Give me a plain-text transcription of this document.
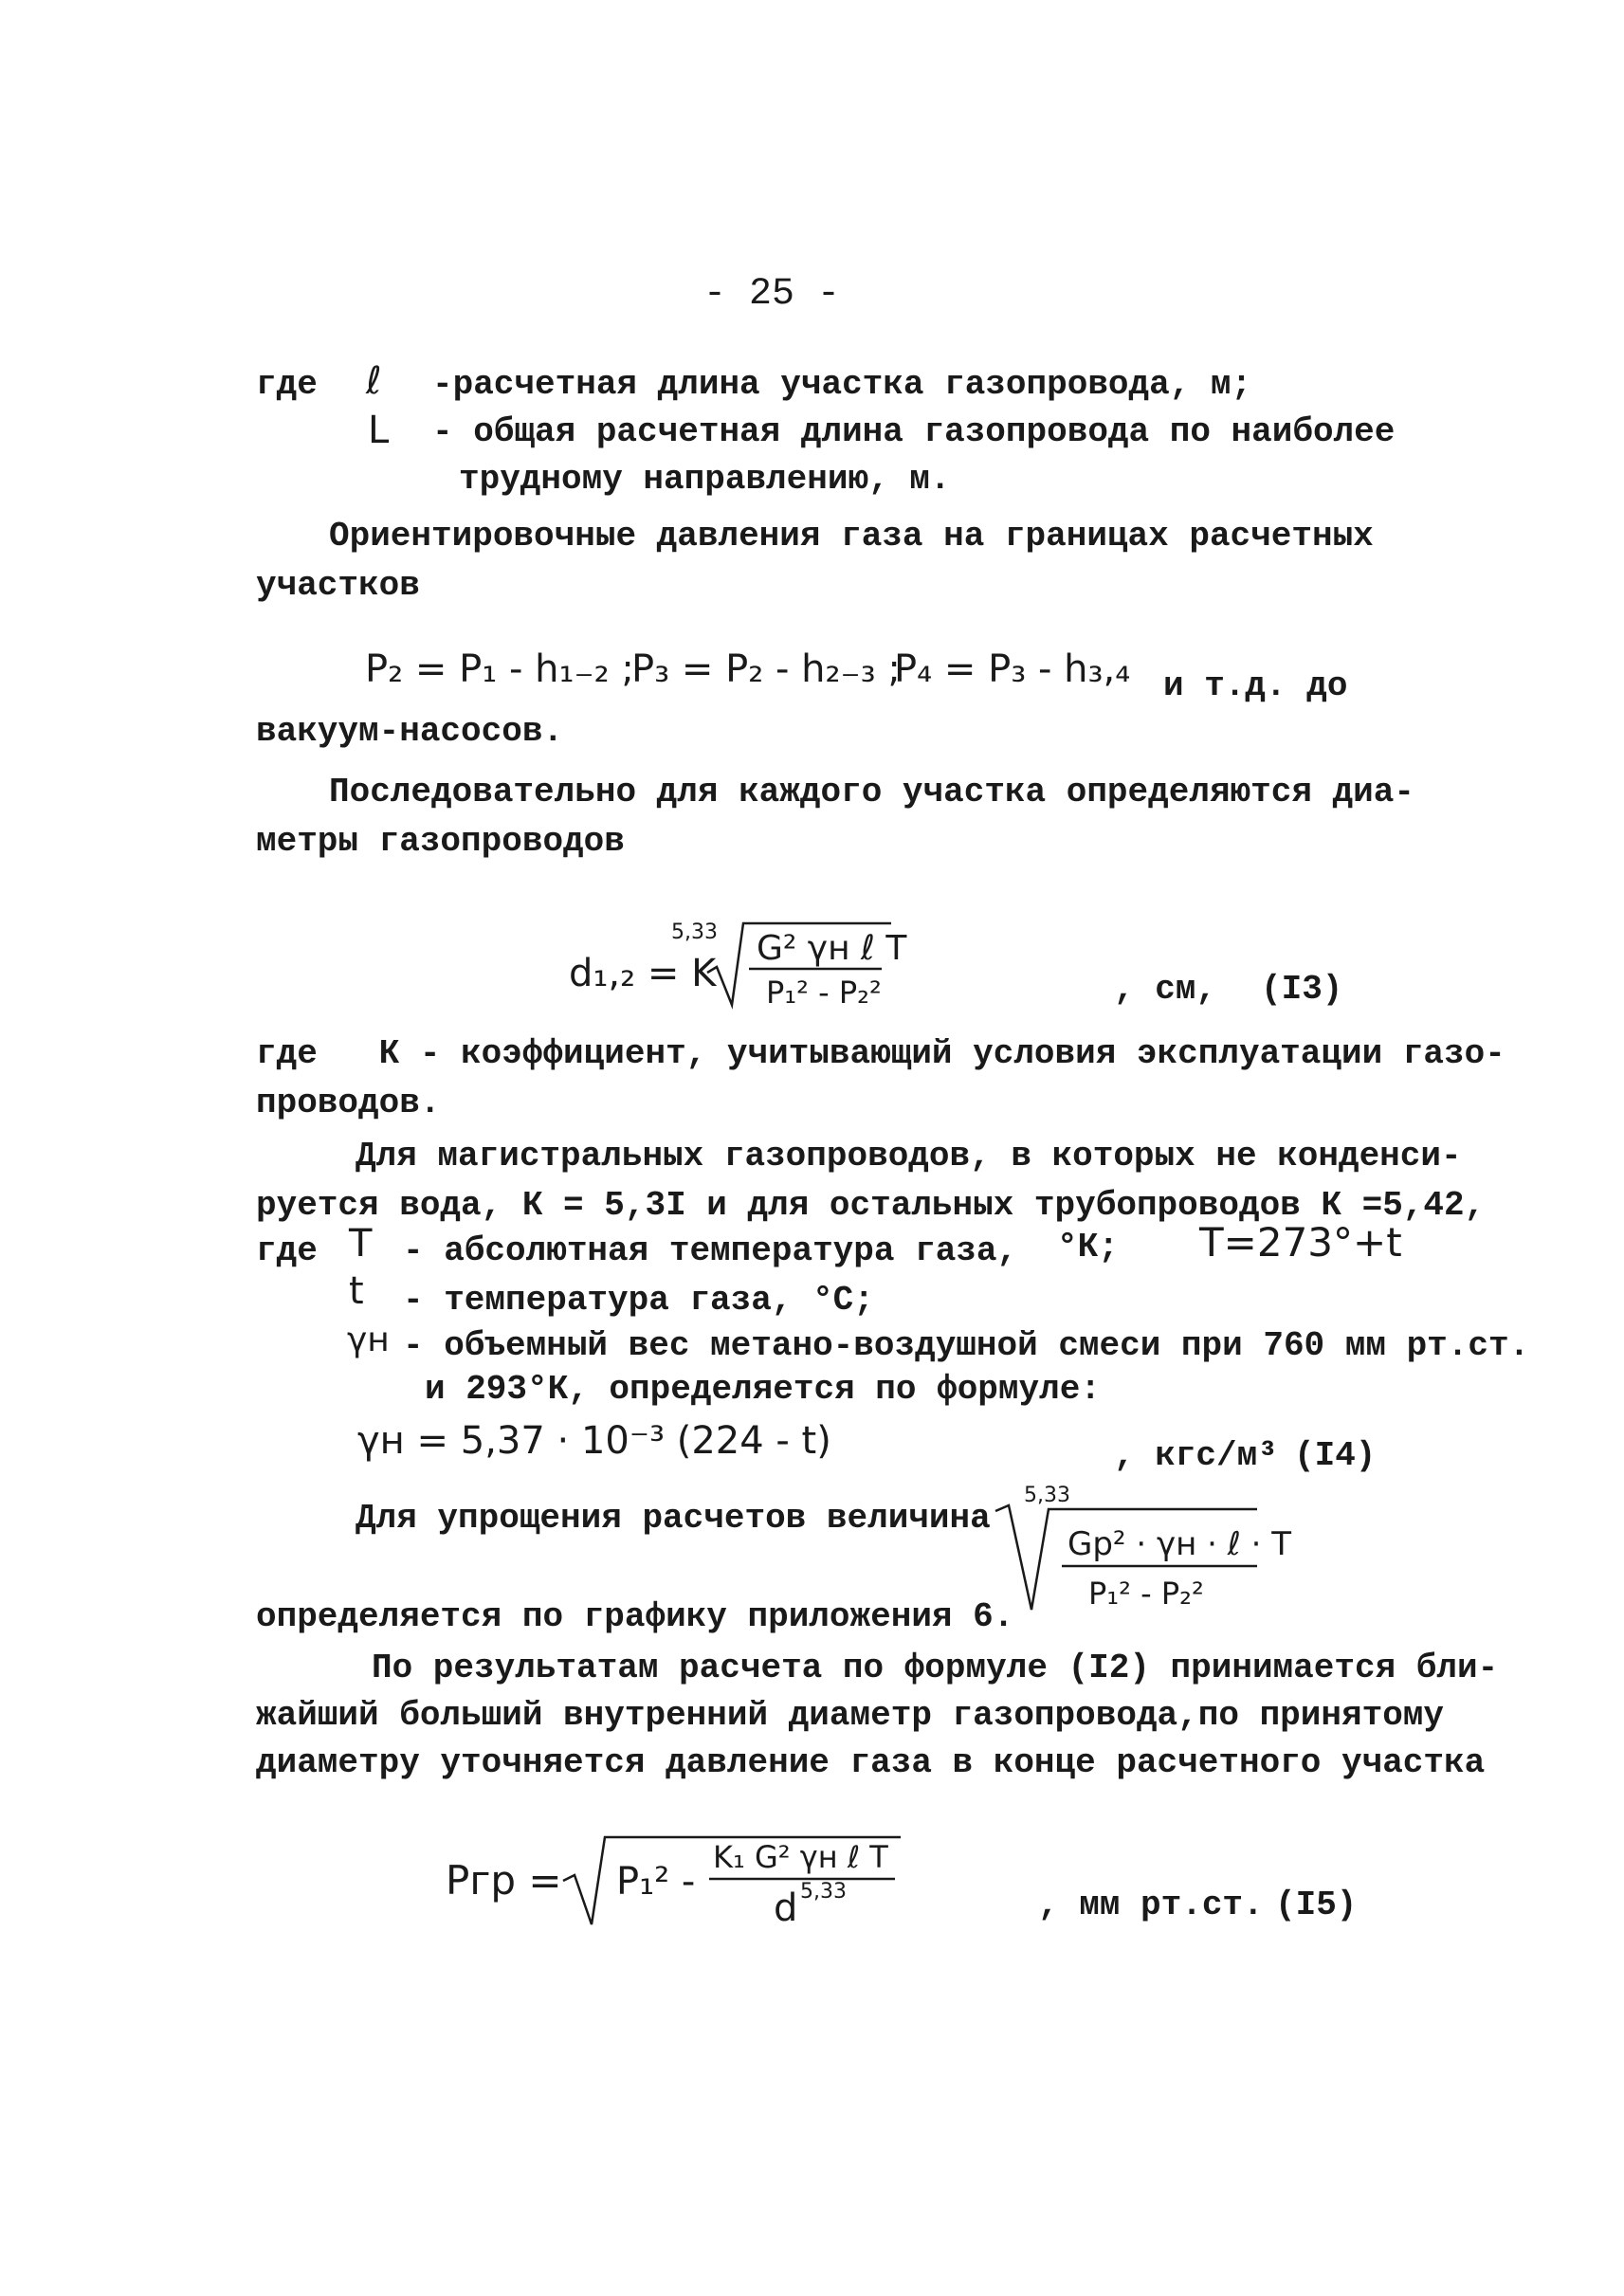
- 25 -
где ℓ -расчетная длина участка газопровода, м;
L - общая расчетная длина газопровода по наиболее
трудному направлению, м.
Ориентировочные давления газа на границах расчетных
участков
P₂ = P₁ - h₁₋₂ ;
P₃ = P₂ - h₂₋₃ ;
P₄ = P₃ - h₃,₄ и т.д. до
вакуум-насосов.
Последовательно для каждого участка определяются диа-
метры газопроводов
d₁,₂ = K
5,33 G² γн ℓ T
P₁² - P₂²	, см, (I3)
где   К - коэффициент, учитывающий условия эксплуатации газо-
проводов.
Для магистральных газопроводов, в которых не конденси-
руется вода, К = 5,3I и для остальных трубопроводов К =5,42,
где T - абсолютная температура газа, °К; T=273°+t
t - температура газа, °С;
γн - объемный вес метано-воздушной смеси при 760 мм рт.ст.
и 293°К, определяется по формуле:
γн = 5,37 · 10⁻³ (224 - t)	, кгс/м³ (I4)
Для упрощения расчетов величина
5,33
Gр² · γн · ℓ · T
P₁² - P₂²
определяется по графику приложения 6.
По результатам расчета по формуле (I2) принимается бли-
жайший больший внутренний диаметр газопровода,по принятому
диаметру уточняется давление газа в конце расчетного участка
Pгр = P₁² -
K₁ G² γн ℓ T
d 5,33	, мм рт.ст. (I5)
